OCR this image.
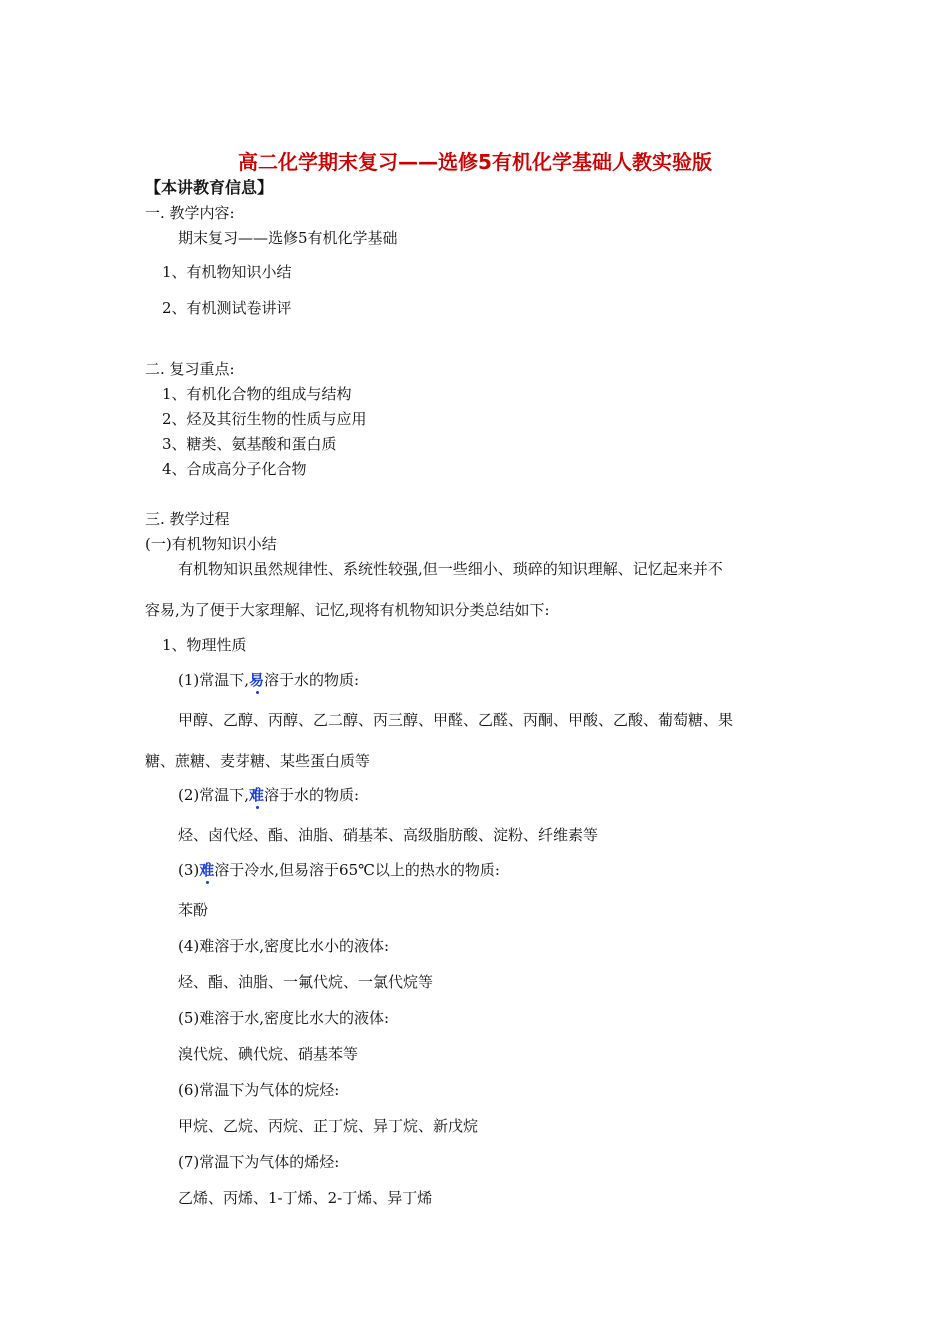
高二化学期末复习——选修5有机化学基础人教实验版
【本讲教育信息】
一. 教学内容:
期末复习——选修5有机化学基础
1、有机物知识小结
2、有机测试卷讲评
二. 复习重点:
1、有机化合物的组成与结构
2、烃及其衍生物的性质与应用
3、糖类、氨基酸和蛋白质
4、合成高分子化合物
三. 教学过程
(一)有机物知识小结
有机物知识虽然规律性、系统性较强,但一些细小、琐碎的知识理解、记忆起来并不
容易,为了便于大家理解、记忆,现将有机物知识分类总结如下:
1、物理性质
(1)常温下,易溶于水的物质:
甲醇、乙醇、丙醇、乙二醇、丙三醇、甲醛、乙醛、丙酮、甲酸、乙酸、葡萄糖、果
糖、蔗糖、麦芽糖、某些蛋白质等
(2)常温下,难溶于水的物质:
烃、卤代烃、酯、油脂、硝基苯、高级脂肪酸、淀粉、纤维素等
(3)难溶于冷水,但易溶于65℃以上的热水的物质:
苯酚
(4)难溶于水,密度比水小的液体:
烃、酯、油脂、一氟代烷、一氯代烷等
(5)难溶于水,密度比水大的液体:
溴代烷、碘代烷、硝基苯等
(6)常温下为气体的烷烃:
甲烷、乙烷、丙烷、正丁烷、异丁烷、新戊烷
(7)常温下为气体的烯烃:
乙烯、丙烯、1-丁烯、2-丁烯、异丁烯
